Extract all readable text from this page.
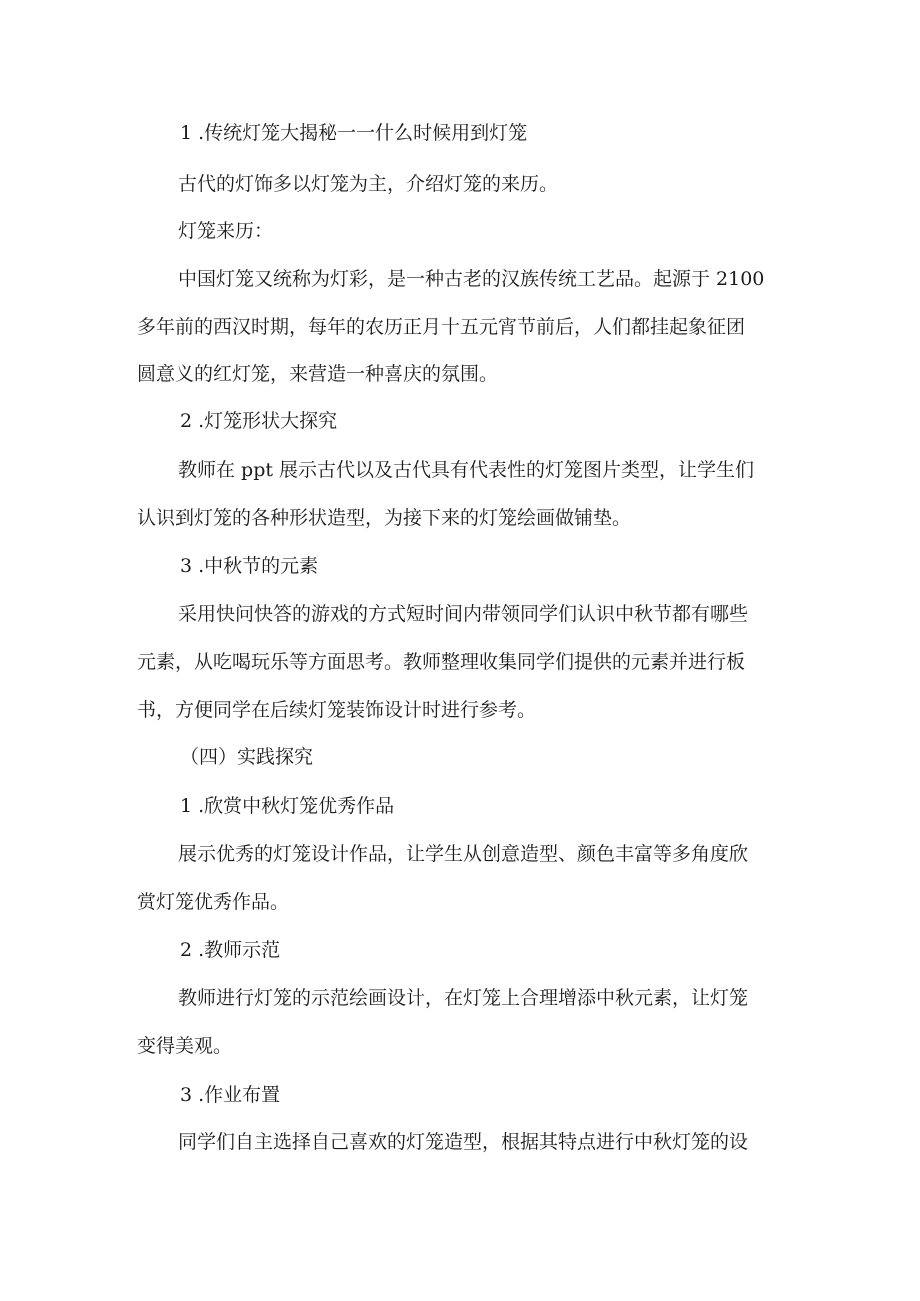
1 .传统灯笼大揭秘一一什么时候用到灯笼
古代的灯饰多以灯笼为主，介绍灯笼的来历。
灯笼来历：
中国灯笼又统称为灯彩，是一种古老的汉族传统工艺品。起源于 2100
多年前的西汉时期，每年的农历正月十五元宵节前后，人们都挂起象征团
圆意义的红灯笼，来营造一种喜庆的氛围。
2 .灯笼形状大探究
教师在 ppt 展示古代以及古代具有代表性的灯笼图片类型，让学生们
认识到灯笼的各种形状造型，为接下来的灯笼绘画做铺垫。
3 .中秋节的元素
采用快问快答的游戏的方式短时间内带领同学们认识中秋节都有哪些
元素，从吃喝玩乐等方面思考。教师整理收集同学们提供的元素并进行板
书，方便同学在后续灯笼装饰设计时进行参考。
（四）实践探究
1 .欣赏中秋灯笼优秀作品
展示优秀的灯笼设计作品，让学生从创意造型、颜色丰富等多角度欣
赏灯笼优秀作品。
2 .教师示范
教师进行灯笼的示范绘画设计，在灯笼上合理增添中秋元素，让灯笼
变得美观。
3 .作业布置
同学们自主选择自己喜欢的灯笼造型，根据其特点进行中秋灯笼的设
